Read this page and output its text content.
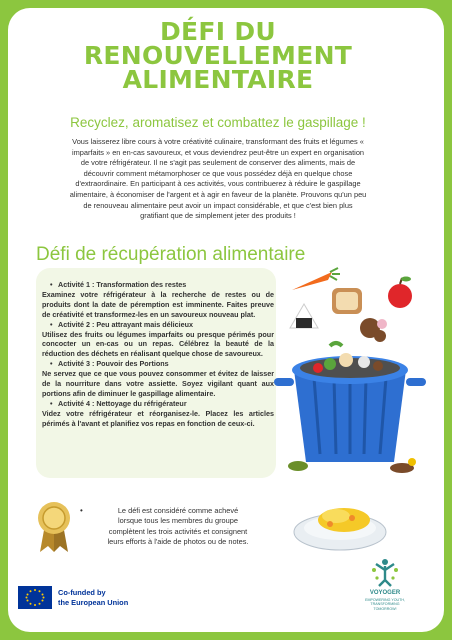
DÉFI DU
RENOUVELLEMENT
ALIMENTAIRE
Recyclez, aromatisez et combattez le gaspillage !
Vous laisserez libre cours à votre créativité culinaire, transformant des fruits et légumes «
imparfaits » en en-cas savoureux, et vous deviendrez peut-être un expert en organisation
de votre réfrigérateur. Il ne s'agit pas seulement de conserver des aliments, mais de
découvrir comment métamorphoser ce que vous possédez déjà en quelque chose
d'extraordinaire. En participant à ces activités, vous contribuerez à réduire le gaspillage
alimentaire, à économiser de l'argent et à agir en faveur de la planète. Prouvons qu'un peu
de renouveau alimentaire peut avoir un impact considérable, et que c'est bien plus
gratifiant que de simplement jeter des produits !
Défi de récupération alimentaire
• Activité 1 : Transformation des restes
Examinez votre réfrigérateur à la recherche de restes ou de produits dont la date de péremption est imminente. Faites preuve de créativité et transformez-les en un savoureux nouveau plat.
• Activité 2 : Peu attrayant mais délicieux
Utilisez des fruits ou légumes imparfaits ou presque périmés pour concocter un en-cas ou un repas. Célébrez la beauté de la réduction des déchets en réalisant quelque chose de savoureux.
• Activité 3 : Pouvoir des Portions
Ne servez que ce que vous pouvez consommer et évitez de laisser de la nourriture dans votre assiette. Soyez vigilant quant aux portions afin de diminuer le gaspillage alimentaire.
• Activité 4 : Nettoyage du réfrigérateur
Videz votre réfrigérateur et réorganisez-le. Placez les articles périmés à l'avant et planifiez vos repas en fonction de ceux-ci.
•	Le défi est considéré comme achevé
lorsque tous les membres du groupe
complètent les trois activités et consignent
leurs efforts à l'aide de photos ou de notes.
Co-funded by
the European Union
VOYOGER
EMPOWERING YOUTH,
TRANSFORMING
TOMORROW!
